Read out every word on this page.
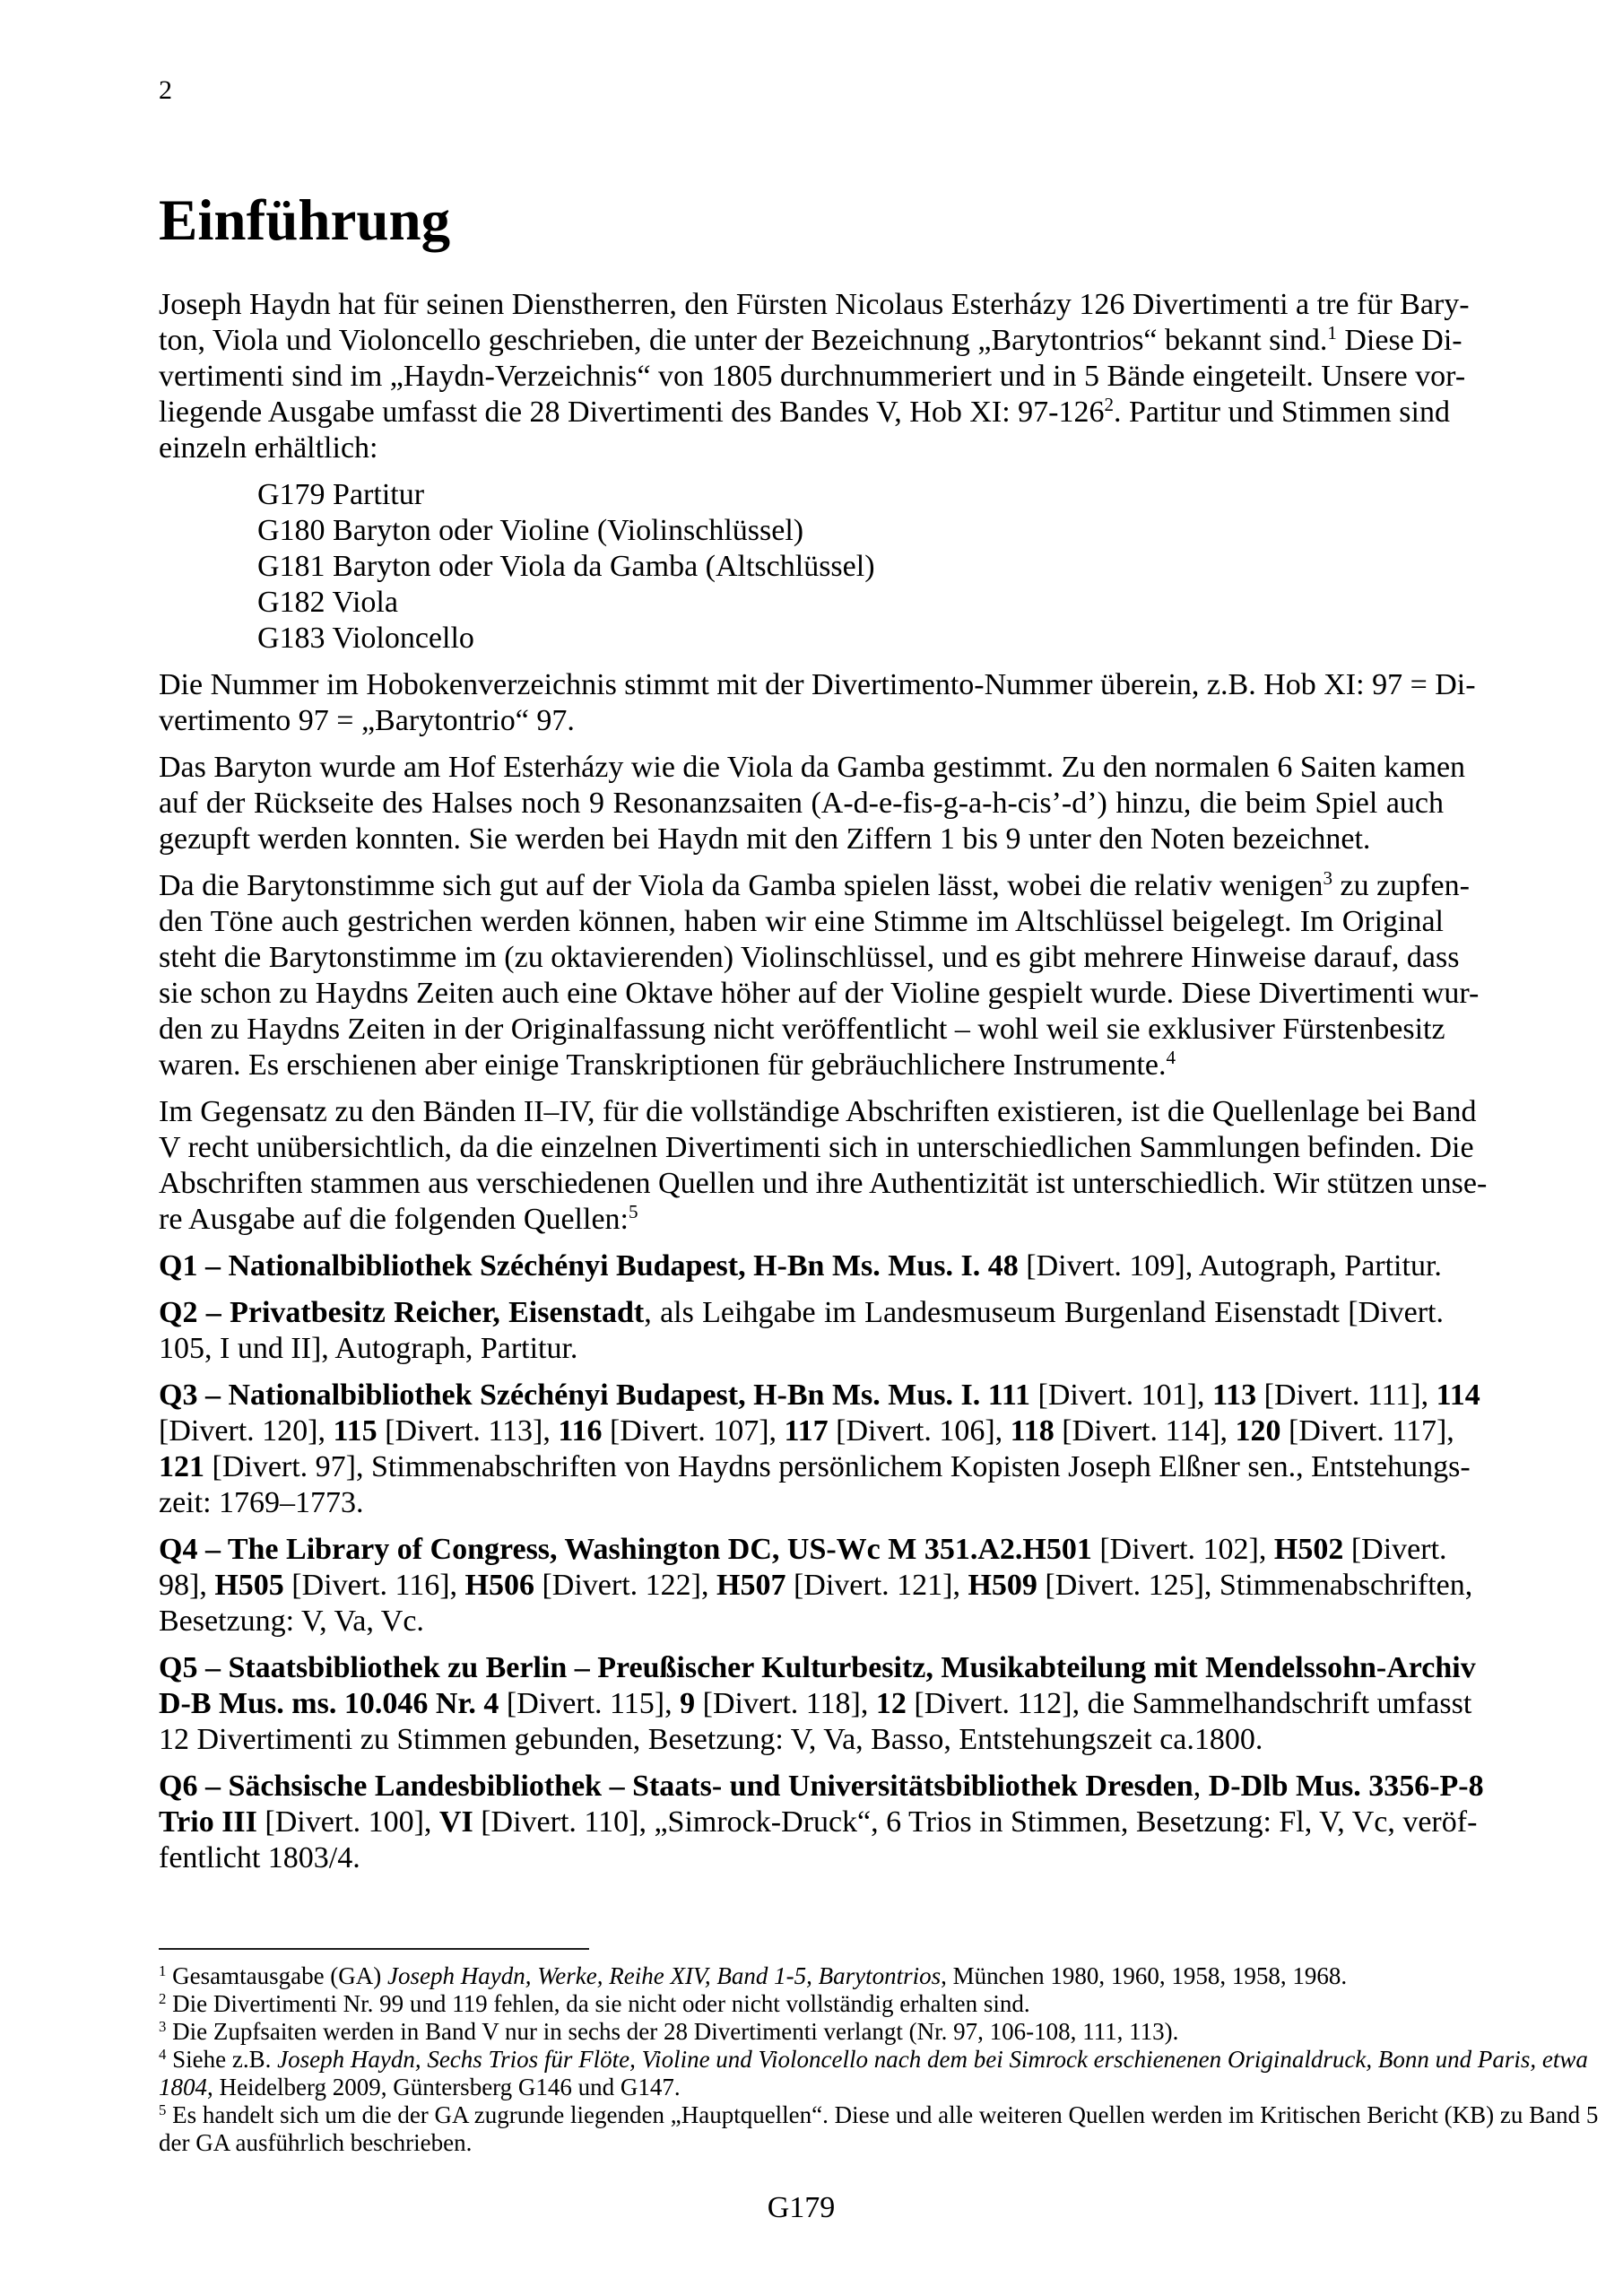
2
Einführung
Joseph Haydn hat für seinen Dienstherren, den Fürsten Nicolaus Esterházy 126 Divertimenti a tre für Bary-
ton, Viola und Violoncello geschrieben, die unter der Bezeichnung „Barytontrios“ bekannt sind.$^1$ Diese Di-
vertimenti sind im „Haydn-Verzeichnis“ von 1805 durchnummeriert und in 5 Bände eingeteilt. Unsere vor-
liegende Ausgabe umfasst die 28 Divertimenti des Bandes V, Hob XI: $97-126^2$. Partitur und Stimmen sind
einzeln erhältlich:
G179 Partitur
G180 Baryton oder Violine (Violinschlüssel)
G181 Baryton oder Viola da Gamba (Altschlüssel)
G182 Viola
G183 Violoncello
Die Nummer im Hobokenverzeichnis stimmt mit der Divertimento-Nummer überein, z.B. Hob XI: 97 = Di-
vertimento 97 = „Barytontrio“ 97.
Das Baryton wurde am Hof Esterházy wie die Viola da Gamba gestimmt. Zu den normalen 6 Saiten kamen
auf der Rückseite des Halses noch 9 Resonanzsaiten (A-d-e-fis-g-a-h-cis’-d’) hinzu, die beim Spiel auch
gezupft werden konnten. Sie werden bei Haydn mit den Ziffern 1 bis 9 unter den Noten bezeichnet.
Da die Barytonstimme sich gut auf der Viola da Gamba spielen lässt, wobei die relativ wenigen$^3$ zu zupfen-
den Töne auch gestrichen werden können, haben wir eine Stimme im Altschlüssel beigelegt. Im Original
steht die Barytonstimme im (zu oktavierenden) Violinschlüssel, und es gibt mehrere Hinweise darauf, dass
sie schon zu Haydns Zeiten auch eine Oktave höher auf der Violine gespielt wurde. Diese Divertimenti wur-
den zu Haydns Zeiten in der Originalfassung nicht veröffentlicht – wohl weil sie exklusiver Fürstenbesitz
waren. Es erschienen aber einige Transkriptionen für gebräuchlichere Instrumente.$^4$
Im Gegensatz zu den Bänden II–IV, für die vollständige Abschriften existieren, ist die Quellenlage bei Band
V recht unübersichtlich, da die einzelnen Divertimenti sich in unterschiedlichen Sammlungen befinden. Die
Abschriften stammen aus verschiedenen Quellen und ihre Authentizität ist unterschiedlich. Wir stützen unse-
re Ausgabe auf die folgenden Quellen:$^5$
Q1 – Nationalbibliothek Széchényi Budapest, H-Bn Ms. Mus. I. 48 [Divert. 109], Autograph, Partitur.
Q2 – Privatbesitz Reicher, Eisenstadt, als Leihgabe im Landesmuseum Burgenland Eisenstadt [Divert.
105, I und II], Autograph, Partitur.
Q3 – Nationalbibliothek Széchényi Budapest, H-Bn Ms. Mus. I. 111 [Divert. 101], 113 [Divert. 111], 114
[Divert. 120], 115 [Divert. 113], 116 [Divert. 107], 117 [Divert. 106], 118 [Divert. 114], 120 [Divert. 117],
121 [Divert. 97], Stimmenabschriften von Haydns persönlichem Kopisten Joseph Elßner sen., Entstehungs-
zeit: 1769–1773.
Q4 – The Library of Congress, Washington DC, US-Wc M 351.A2.H501 [Divert. 102], H502 [Divert.
98], H505 [Divert. 116], H506 [Divert. 122], H507 [Divert. 121], H509 [Divert. 125], Stimmenabschriften,
Besetzung: V, Va, Vc.
Q5 – Staatsbibliothek zu Berlin – Preußischer Kulturbesitz, Musikabteilung mit Mendelssohn-Archiv
D-B Mus. ms. 10.046 Nr. 4 [Divert. 115], 9 [Divert. 118], 12 [Divert. 112], die Sammelhandschrift umfasst
12 Divertimenti zu Stimmen gebunden, Besetzung: V, Va, Basso, Entstehungszeit ca.1800.
Q6 – Sächsische Landesbibliothek – Staats- und Universitätsbibliothek Dresden, D-Dlb Mus. 3356-P-8
Trio III [Divert. 100], VI [Divert. 110], „Simrock-Druck“, 6 Trios in Stimmen, Besetzung: Fl, V, Vc, veröf-
fentlicht 1803/4.
$^1$ Gesamtausgabe (GA) Joseph Haydn, Werke, Reihe XIV, Band 1-5, Barytontrios, München 1980, 1960, 1958, 1958, 1968.
$^2$ Die Divertimenti Nr. 99 und 119 fehlen, da sie nicht oder nicht vollständig erhalten sind.
$^3$ Die Zupfsaiten werden in Band V nur in sechs der 28 Divertimenti verlangt (Nr. 97, 106-108, 111, 113).
$^4$ Siehe z.B. Joseph Haydn, Sechs Trios für Flöte, Violine und Violoncello nach dem bei Simrock erschienenen Originaldruck, Bonn und Paris, etwa
1804, Heidelberg 2009, Güntersberg G146 und G147.
$^5$ Es handelt sich um die der GA zugrunde liegenden „Hauptquellen“. Diese und alle weiteren Quellen werden im Kritischen Bericht (KB) zu Band 5
der GA ausführlich beschrieben.
G179
